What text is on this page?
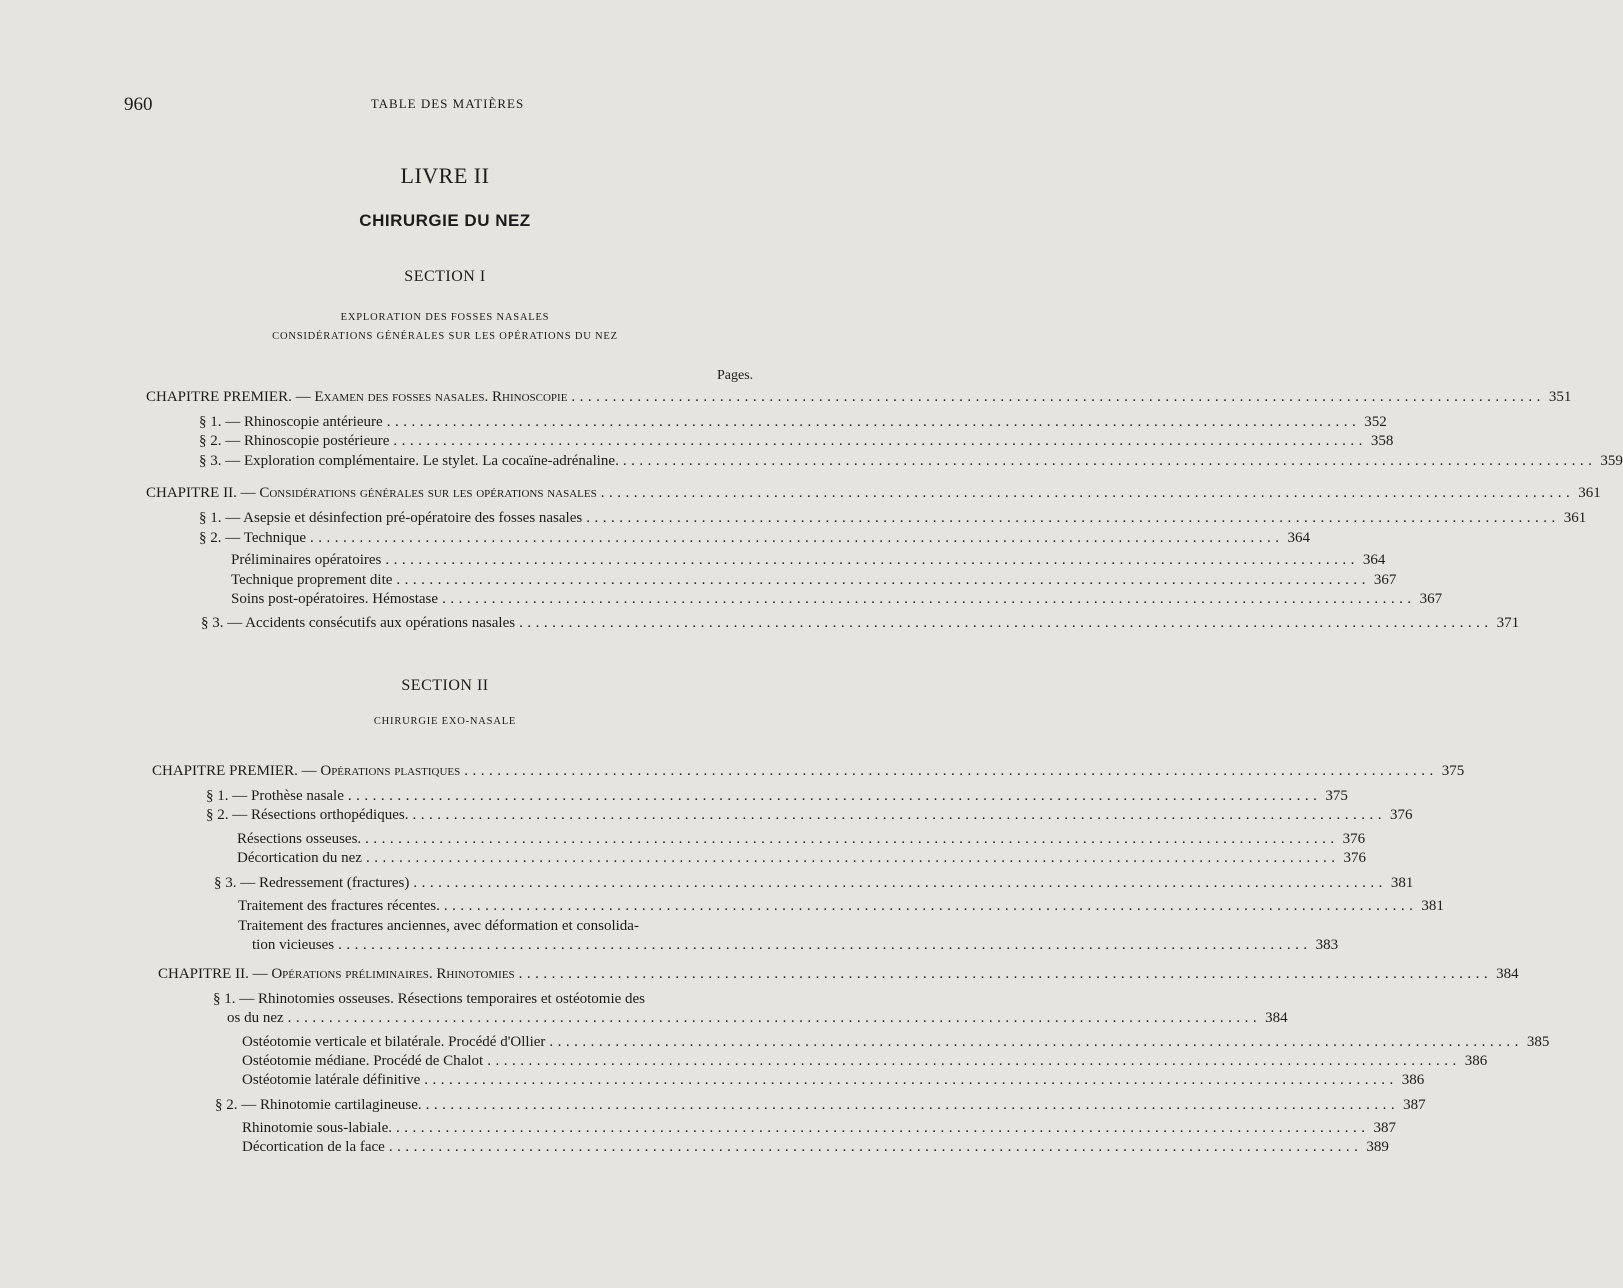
960	TABLE DES MATIÈRES
LIVRE II
CHIRURGIE DU NEZ
SECTION I
EXPLORATION DES FOSSES NASALES
CONSIDÉRATIONS GÉNÉRALES SUR LES OPÉRATIONS DU NEZ
Pages.
CHAPITRE PREMIER. — Examen des fosses nasales. Rhinoscopie ...................................................................................................................... 351
§ 1. — Rhinoscopie antérieure ...................................................................................................................... 352
§ 2. — Rhinoscopie postérieure ...................................................................................................................... 358
§ 3. — Exploration complémentaire. Le stylet. La cocaïne-adrénaline. ...................................................................................................................... 359
CHAPITRE II. — Considérations générales sur les opérations nasales ...................................................................................................................... 361
§ 1. — Asepsie et désinfection pré-opératoire des fosses nasales ...................................................................................................................... 361
§ 2. — Technique ...................................................................................................................... 364
Préliminaires opératoires ...................................................................................................................... 364
Technique proprement dite ...................................................................................................................... 367
Soins post-opératoires. Hémostase ...................................................................................................................... 367
§ 3. — Accidents consécutifs aux opérations nasales ...................................................................................................................... 371
SECTION II
CHIRURGIE EXO-NASALE
CHAPITRE PREMIER. — Opérations plastiques ...................................................................................................................... 375
§ 1. — Prothèse nasale ...................................................................................................................... 375
§ 2. — Résections orthopédiques. ...................................................................................................................... 376
Résections osseuses. ...................................................................................................................... 376
Décortication du nez ...................................................................................................................... 376
§ 3. — Redressement (fractures) ...................................................................................................................... 381
Traitement des fractures récentes. ...................................................................................................................... 381
Traitement des fractures anciennes, avec déformation et consolida-
tion vicieuses ...................................................................................................................... 383
CHAPITRE II. — Opérations préliminaires. Rhinotomies ...................................................................................................................... 384
§ 1. — Rhinotomies osseuses. Résections temporaires et ostéotomie des
os du nez ...................................................................................................................... 384
Ostéotomie verticale et bilatérale. Procédé d'Ollier ...................................................................................................................... 385
Ostéotomie médiane. Procédé de Chalot ...................................................................................................................... 386
Ostéotomie latérale définitive ...................................................................................................................... 386
§ 2. — Rhinotomie cartilagineuse. ...................................................................................................................... 387
Rhinotomie sous-labiale. ...................................................................................................................... 387
Décortication de la face ...................................................................................................................... 389
